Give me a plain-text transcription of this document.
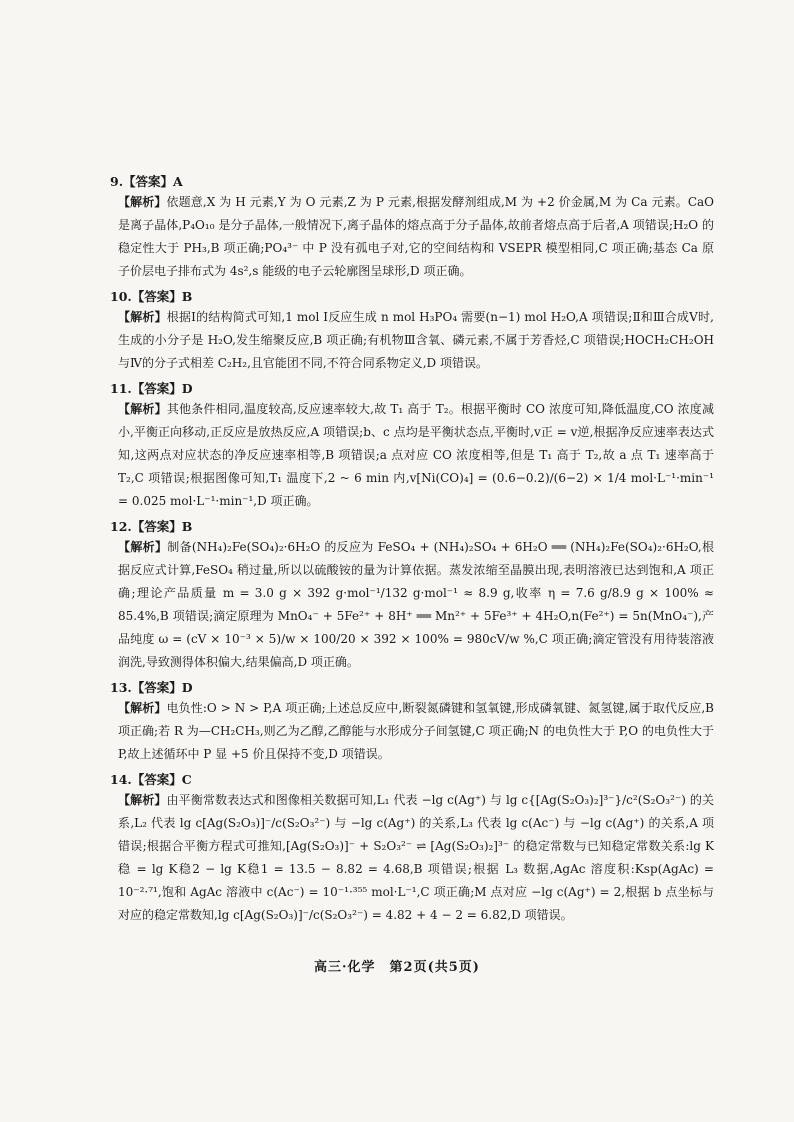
9.【答案】A
【解析】依题意,X 为 H 元素,Y 为 O 元素,Z 为 P 元素,根据发酵剂组成,M 为 +2 价金属,M 为 Ca 元素。CaO 是离子晶体,P₄O₁₀ 是分子晶体,一般情况下,离子晶体的熔点高于分子晶体,故前者熔点高于后者,A 项错误;H₂O 的稳定性大于 PH₃,B 项正确;PO₄³⁻ 中 P 没有孤电子对,它的空间结构和 VSEPR 模型相同,C 项正确;基态 Ca 原子价层电子排布式为 4s²,s 能级的电子云轮廓图呈球形,D 项正确。
10.【答案】B
【解析】根据Ⅰ的结构简式可知,1 mol Ⅰ反应生成 n mol H₃PO₄ 需要(n−1) mol H₂O,A 项错误;Ⅱ和Ⅲ合成Ⅴ时,生成的小分子是 H₂O,发生缩聚反应,B 项正确;有机物Ⅲ含氧、磷元素,不属于芳香烃,C 项错误;HOCH₂CH₂OH 与Ⅳ的分子式相差 C₂H₂,且官能团不同,不符合同系物定义,D 项错误。
11.【答案】D
【解析】其他条件相同,温度较高,反应速率较大,故 T₁ 高于 T₂。根据平衡时 CO 浓度可知,降低温度,CO 浓度减小,平衡正向移动,正反应是放热反应,A 项错误;b、c 点均是平衡状态点,平衡时,v正 = v逆,根据净反应速率表达式知,这两点对应状态的净反应速率相等,B 项错误;a 点对应 CO 浓度相等,但是 T₁ 高于 T₂,故 a 点 T₁ 速率高于 T₂,C 项错误;根据图像可知,T₁ 温度下,2 ~ 6 min 内,v[Ni(CO)₄] = (0.6−0.2)/(6−2) × 1/4 mol·L⁻¹·min⁻¹ = 0.025 mol·L⁻¹·min⁻¹,D 项正确。
12.【答案】B
【解析】制备(NH₄)₂Fe(SO₄)₂·6H₂O 的反应为 FeSO₄ + (NH₄)₂SO₄ + 6H₂O ══ (NH₄)₂Fe(SO₄)₂·6H₂O,根据反应式计算,FeSO₄ 稍过量,所以以硫酸铵的量为计算依据。蒸发浓缩至晶膜出现,表明溶液已达到饱和,A 项正确;理论产品质量 m = 3.0 g × 392 g·mol⁻¹/132 g·mol⁻¹ ≈ 8.9 g,收率 η = 7.6 g/8.9 g × 100% ≈ 85.4%,B 项错误;滴定原理为 MnO₄⁻ + 5Fe²⁺ + 8H⁺ ══ Mn²⁺ + 5Fe³⁺ + 4H₂O,n(Fe²⁺) = 5n(MnO₄⁻),产品纯度 ω = (cV × 10⁻³ × 5)/w × 100/20 × 392 × 100% = 980cV/w %,C 项正确;滴定管没有用待装溶液润洗,导致测得体积偏大,结果偏高,D 项正确。
13.【答案】D
【解析】电负性:O > N > P,A 项正确;上述总反应中,断裂氮磷键和氢氧键,形成磷氧键、氮氢键,属于取代反应,B 项正确;若 R 为—CH₂CH₃,则乙为乙醇,乙醇能与水形成分子间氢键,C 项正确;N 的电负性大于 P,O 的电负性大于 P,故上述循环中 P 显 +5 价且保持不变,D 项错误。
14.【答案】C
【解析】由平衡常数表达式和图像相关数据可知,L₁ 代表 −lg c(Ag⁺) 与 lg c{[Ag(S₂O₃)₂]³⁻}/c²(S₂O₃²⁻) 的关系,L₂ 代表 lg c[Ag(S₂O₃)]⁻/c(S₂O₃²⁻) 与 −lg c(Ag⁺) 的关系,L₃ 代表 lg c(Ac⁻) 与 −lg c(Ag⁺) 的关系,A 项错误;根据合平衡方程式可推知,[Ag(S₂O₃)]⁻ + S₂O₃²⁻ ⇌ [Ag(S₂O₃)₂]³⁻ 的稳定常数与已知稳定常数关系:lg K稳 = lg K稳2 − lg K稳1 = 13.5 − 8.82 = 4.68,B 项错误;根据 L₃ 数据,AgAc 溶度积:Ksp(AgAc) = 10⁻²·⁷¹,饱和 AgAc 溶液中 c(Ac⁻) = 10⁻¹·³⁵⁵ mol·L⁻¹,C 项正确;M 点对应 −lg c(Ag⁺) = 2,根据 b 点坐标与对应的稳定常数知,lg c[Ag(S₂O₃)]⁻/c(S₂O₃²⁻) = 4.82 + 4 − 2 = 6.82,D 项错误。
高三·化学　第2页(共5页)
